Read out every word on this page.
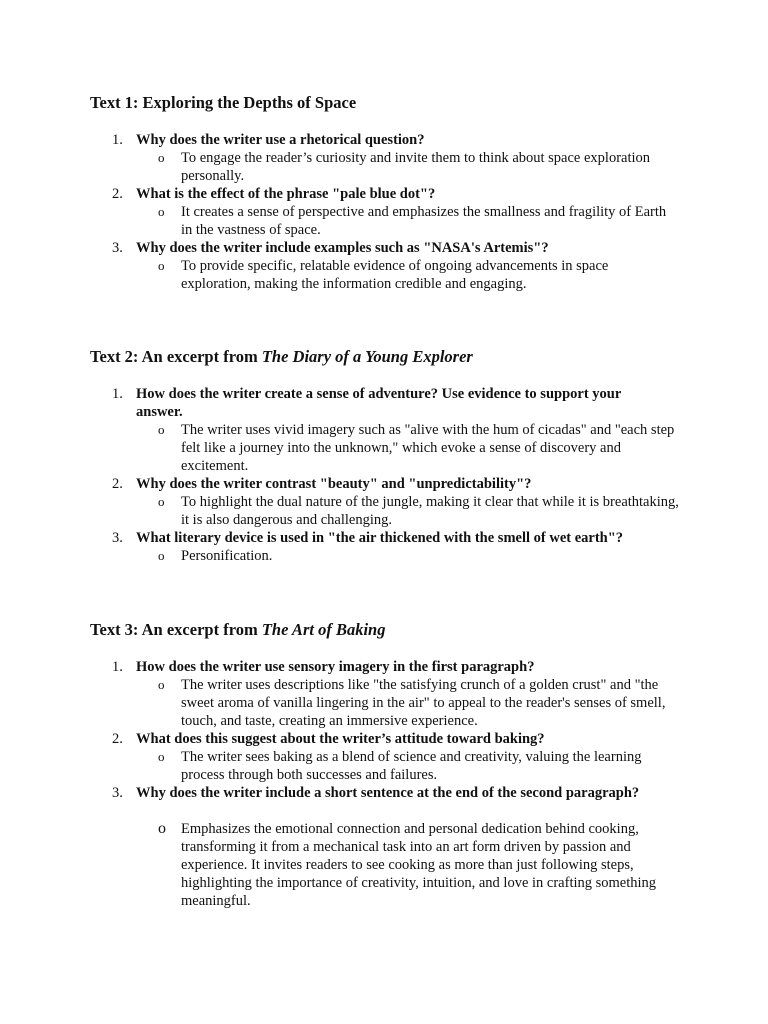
Text 1: Exploring the Depths of Space
1. Why does the writer use a rhetorical question?

o To engage the reader’s curiosity and invite them to think about space exploration personally.

2. What is the effect of the phrase "pale blue dot"?

o It creates a sense of perspective and emphasizes the smallness and fragility of Earth in the vastness of space.

3. Why does the writer include examples such as "NASA's Artemis"?

o To provide specific, relatable evidence of ongoing advancements in space exploration, making the information credible and engaging.

Text 2: An excerpt from The Diary of a Young Explorer
1. How does the writer create a sense of adventure? Use evidence to support your answer.

o The writer uses vivid imagery such as "alive with the hum of cicadas" and "each step felt like a journey into the unknown," which evoke a sense of discovery and excitement.

2. Why does the writer contrast "beauty" and "unpredictability"?

o To highlight the dual nature of the jungle, making it clear that while it is breathtaking, it is also dangerous and challenging.

3. What literary device is used in "the air thickened with the smell of wet earth"?

o Personification.

Text 3: An excerpt from The Art of Baking
1. How does the writer use sensory imagery in the first paragraph?

o The writer uses descriptions like "the satisfying crunch of a golden crust" and "the sweet aroma of vanilla lingering in the air" to appeal to the reader's senses of smell, touch, and taste, creating an immersive experience.

2. What does this suggest about the writer’s attitude toward baking?

o The writer sees baking as a blend of science and creativity, valuing the learning process through both successes and failures.

3. Why does the writer include a short sentence at the end of the second paragraph?

o Emphasizes the emotional connection and personal dedication behind cooking, transforming it from a mechanical task into an art form driven by passion and experience. It invites readers to see cooking as more than just following steps, highlighting the importance of creativity, intuition, and love in crafting something meaningful.
